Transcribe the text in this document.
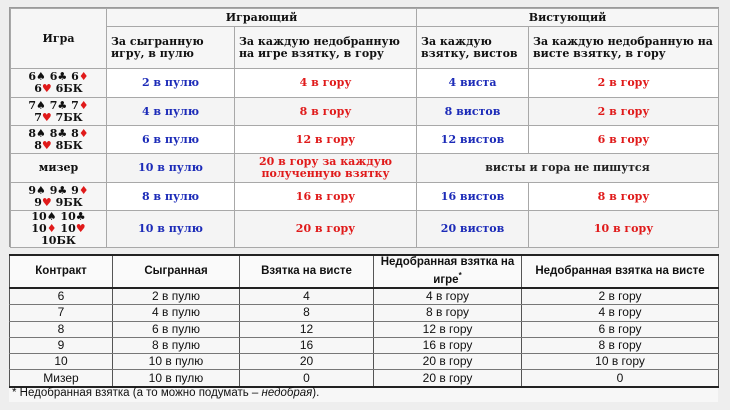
Игра	Играющий		Вистующий	
	За сыгранную игру, в пулю	За каждую недобранную на игре взятку, в гору	За каждую взятку, вистов	За каждую недобранную на висте взятку, в гору

6♠ 6♣ 6♦
6♥ 6БК	2 в пулю	4 в гору	4 виста	2 в гору

7♠ 7♣ 7♦
7♥ 7БК	4 в пулю	8 в гору	8 вистов	2 в гору

8♠ 8♣ 8♦
8♥ 8БК	6 в пулю	12 в гору	12 вистов	6 в гору
мизер	10 в пулю	20 в гору за каждую полученную взятку	висты и гора не пишутся	

9♠ 9♣ 9♦
9♥ 9БК	8 в пулю	16 в гору	16 вистов	8 в гору

10♠ 10♣
10♦ 10♥
10БК	10 в пулю	20 в гору	20 вистов	10 в гору
Контракт	Сыгранная	Взятка на висте	Недобранная взятка на игре*	Недобранная взятка на висте
6	2 в пулю	4	4 в гору	2 в гору
7	4 в пулю	8	8 в гору	4 в гору
8	6 в пулю	12	12 в гору	6 в гору
9	8 в пулю	16	16 в гору	8 в гору
10	10 в пулю	20	20 в гору	10 в гору
Мизер	10 в пулю	0	20 в гору	0
* Недобранная взятка (а то можно подумать – недобрая).
